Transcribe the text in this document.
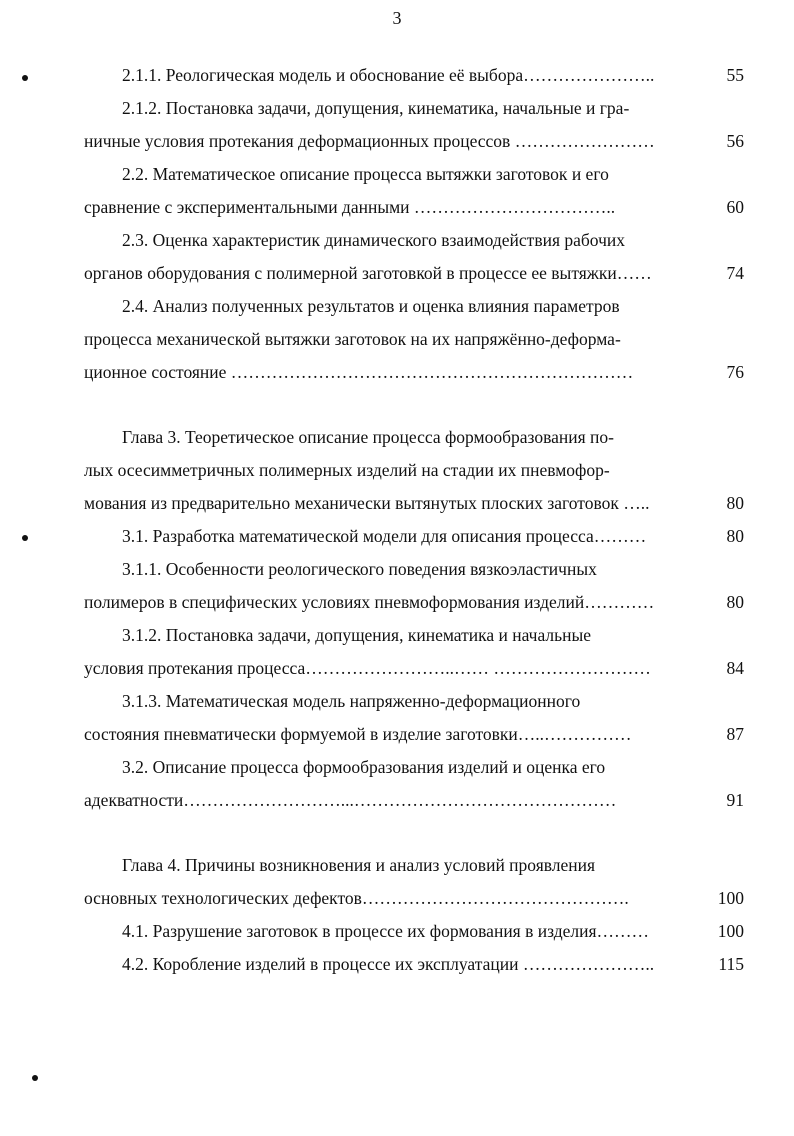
3
2.1.1. Реологическая модель и обоснование её выбора…………………..	55
2.1.2. Постановка задачи, допущения, кинематика, начальные и гра-
ничные условия протекания деформационных процессов ……………………	56
2.2. Математическое описание процесса вытяжки заготовок и его
сравнение с экспериментальными данными ……………………………..	60
2.3. Оценка характеристик динамического взаимодействия рабочих
органов оборудования с полимерной заготовкой в процессе ее вытяжки……	74
2.4. Анализ полученных результатов и оценка влияния параметров
процесса механической вытяжки заготовок на их напряжённо-деформа-
ционное состояние ……………………………………………………………	76
Глава 3. Теоретическое описание процесса формообразования по-
лых осесимметричных полимерных изделий на стадии их пневмофор-
мования из предварительно механически вытянутых плоских заготовок …..	80
3.1. Разработка математической модели для описания процесса………	80
3.1.1. Особенности реологического поведения вязкоэластичных
полимеров в специфических условиях пневмоформования изделий…………	80
3.1.2. Постановка задачи, допущения, кинематика и начальные
условия протекания процесса……………………..…… ………………………	84
3.1.3. Математическая модель напряженно-деформационного
состояния пневматически формуемой в изделие заготовки…..……………	87
3.2. Описание процесса формообразования изделий и оценка его
адекватности………………………...………………………………………	91
Глава 4. Причины возникновения и анализ условий проявления
основных технологических дефектов……………………………………….	100
4.1. Разрушение заготовок в процессе их формования в изделия………	100
4.2. Коробление изделий в процессе их эксплуатации …………………..	115
